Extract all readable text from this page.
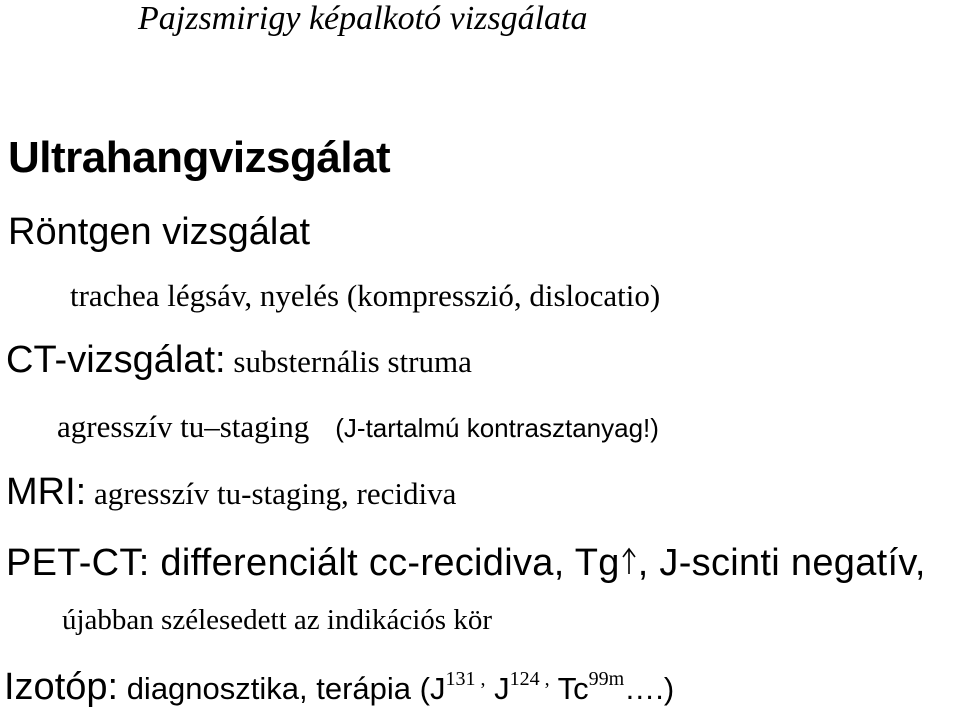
Pajzsmirigy képalkotó vizsgálata
Ultrahangvizsgálat
Röntgen vizsgálat
trachea légsáv, nyelés (kompresszió, dislocatio)
CT-vizsgálat: substernális struma
agresszív tu–staging (J-tartalmú kontrasztanyag!)
MRI: agresszív tu-staging, recidiva
PET-CT: differenciált cc-recidiva, Tg , J-scinti negatív,
újabban szélesedett az indikációs kör
Izotóp: diagnosztika, terápia ($J^{131 ,}$ $J^{124 ,}$ $Tc^{99m}\dots$.)
